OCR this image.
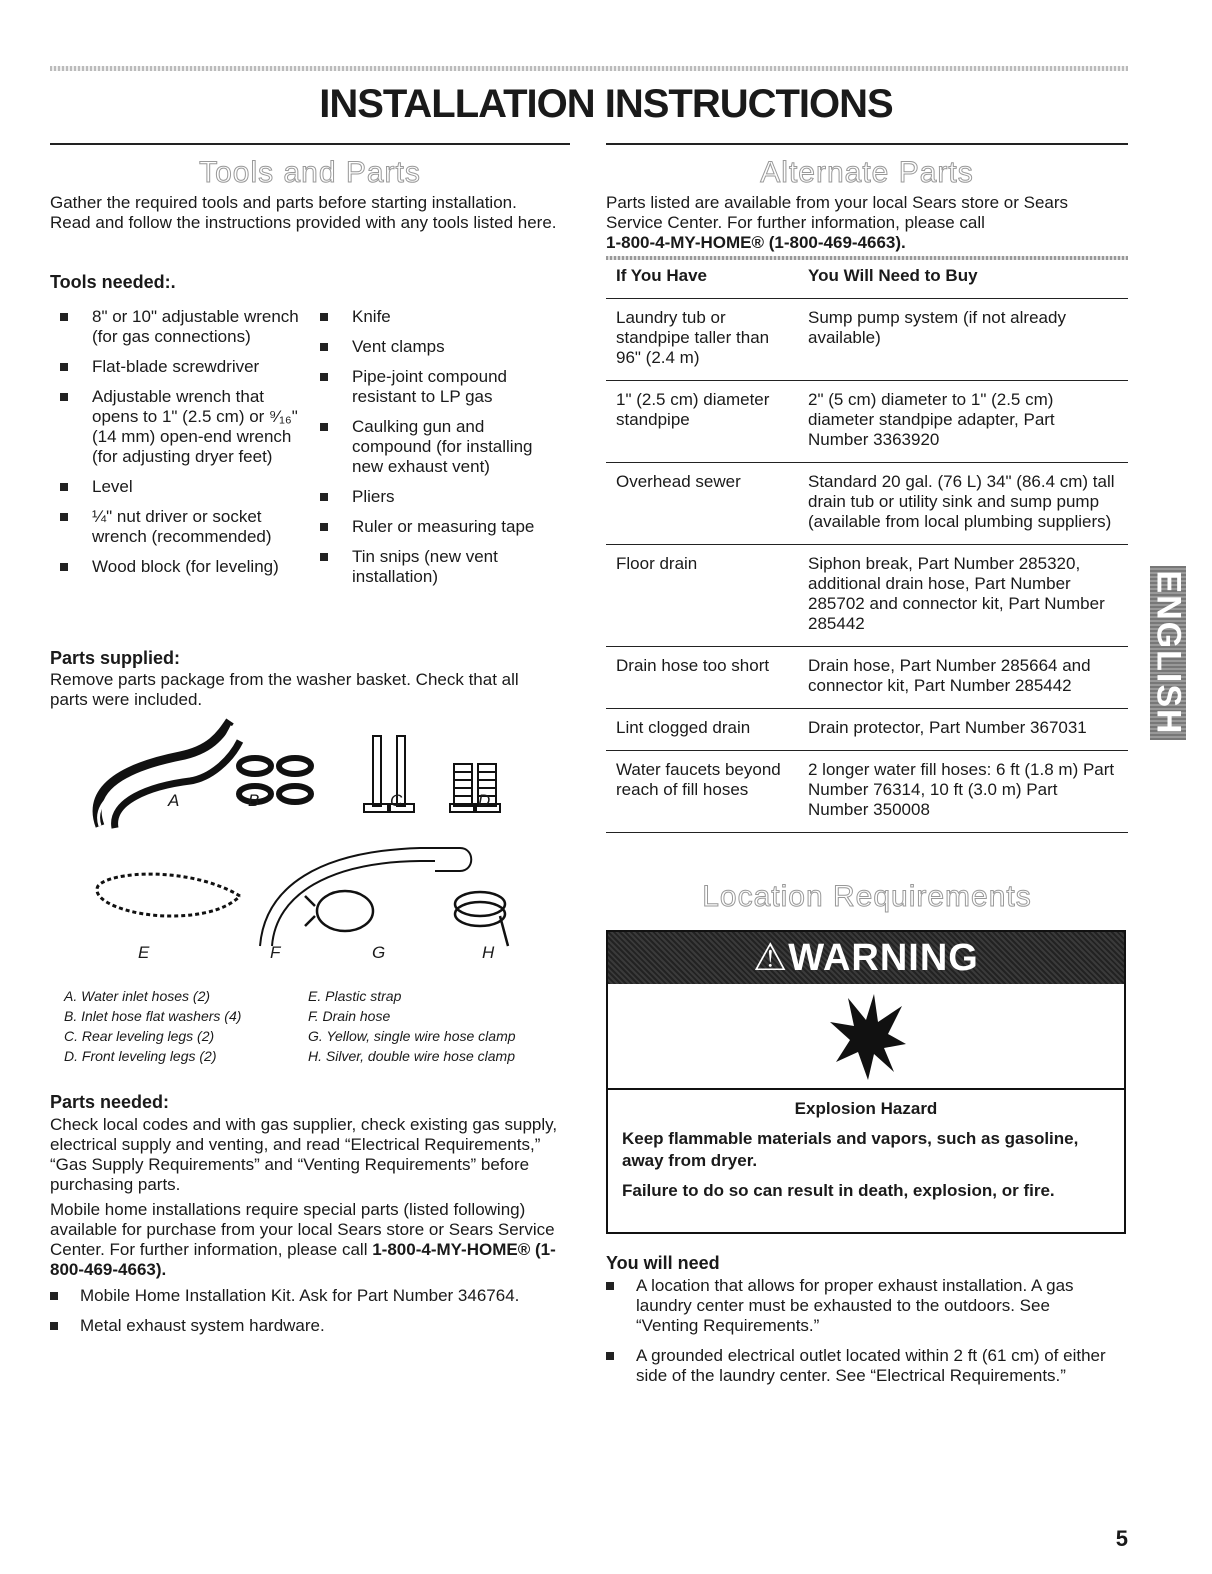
INSTALLATION INSTRUCTIONS
Tools and Parts

Gather the required tools and parts before starting installation. Read and follow the instructions provided with any tools listed here.

Tools needed:.
8" or 10" adjustable wrench (for gas connections)
Flat-blade screwdriver
Adjustable wrench that opens to 1" (2.5 cm) or ⁹⁄₁₆" (14 mm) open-end wrench (for adjusting dryer feet)
Level
¼" nut driver or socket wrench (recommended)
Wood block (for leveling)
Knife
Vent clamps
Pipe-joint compound resistant to LP gas
Caulking gun and compound (for installing new exhaust vent)
Pliers
Ruler or measuring tape
Tin snips (new vent installation)
Parts supplied:

Remove parts package from the washer basket. Check that all parts were included.

A	B	C	D
E	F	G	H
A. Water inlet hoses (2)
B. Inlet hose flat washers (4)
C. Rear leveling legs (2)
D. Front leveling legs (2)
E. Plastic strap
F. Drain hose
G. Yellow, single wire hose clamp
H. Silver, double wire hose clamp
Parts needed:

Check local codes and with gas supplier, check existing gas supply, electrical supply and venting, and read “Electrical Requirements,” “Gas Supply Requirements” and “Venting Requirements” before purchasing parts.

Mobile home installations require special parts (listed following) available for purchase from your local Sears store or Sears Service Center. For further information, please call 1-800-4-MY-HOME® (1-800-469-4663).

Mobile Home Installation Kit. Ask for Part Number 346764.
Metal exhaust system hardware.
Alternate Parts

Parts listed are available from your local Sears store or Sears Service Center. For further information, please call
1-800-4-MY-HOME® (1-800-469-4663).

If You Have	You Will Need to Buy
Laundry tub or standpipe taller than 96" (2.4 m)	Sump pump system (if not already available)
1" (2.5 cm) diameter standpipe	2" (5 cm) diameter to 1" (2.5 cm) diameter standpipe adapter, Part Number 3363920
Overhead sewer	Standard 20 gal. (76 L) 34" (86.4 cm) tall drain tub or utility sink and sump pump (available from local plumbing suppliers)
Floor drain	Siphon break, Part Number 285320, additional drain hose, Part Number 285702 and connector kit, Part Number 285442
Drain hose too short	Drain hose, Part Number 285664 and connector kit, Part Number 285442
Lint clogged drain	Drain protector, Part Number 367031
Water faucets beyond reach of fill hoses	2 longer water fill hoses: 6 ft (1.8 m) Part Number 76314, 10 ft (3.0 m) Part Number 350008
Location Requirements
⚠WARNING

Explosion Hazard

Keep flammable materials and vapors, such as gasoline, away from dryer.

Failure to do so can result in death, explosion, or fire.

You will need
A location that allows for proper exhaust installation. A gas laundry center must be exhausted to the outdoors. See “Venting Requirements.”
A grounded electrical outlet located within 2 ft (61 cm) of either side of the laundry center. See “Electrical Requirements.”
ENGLISH
5
